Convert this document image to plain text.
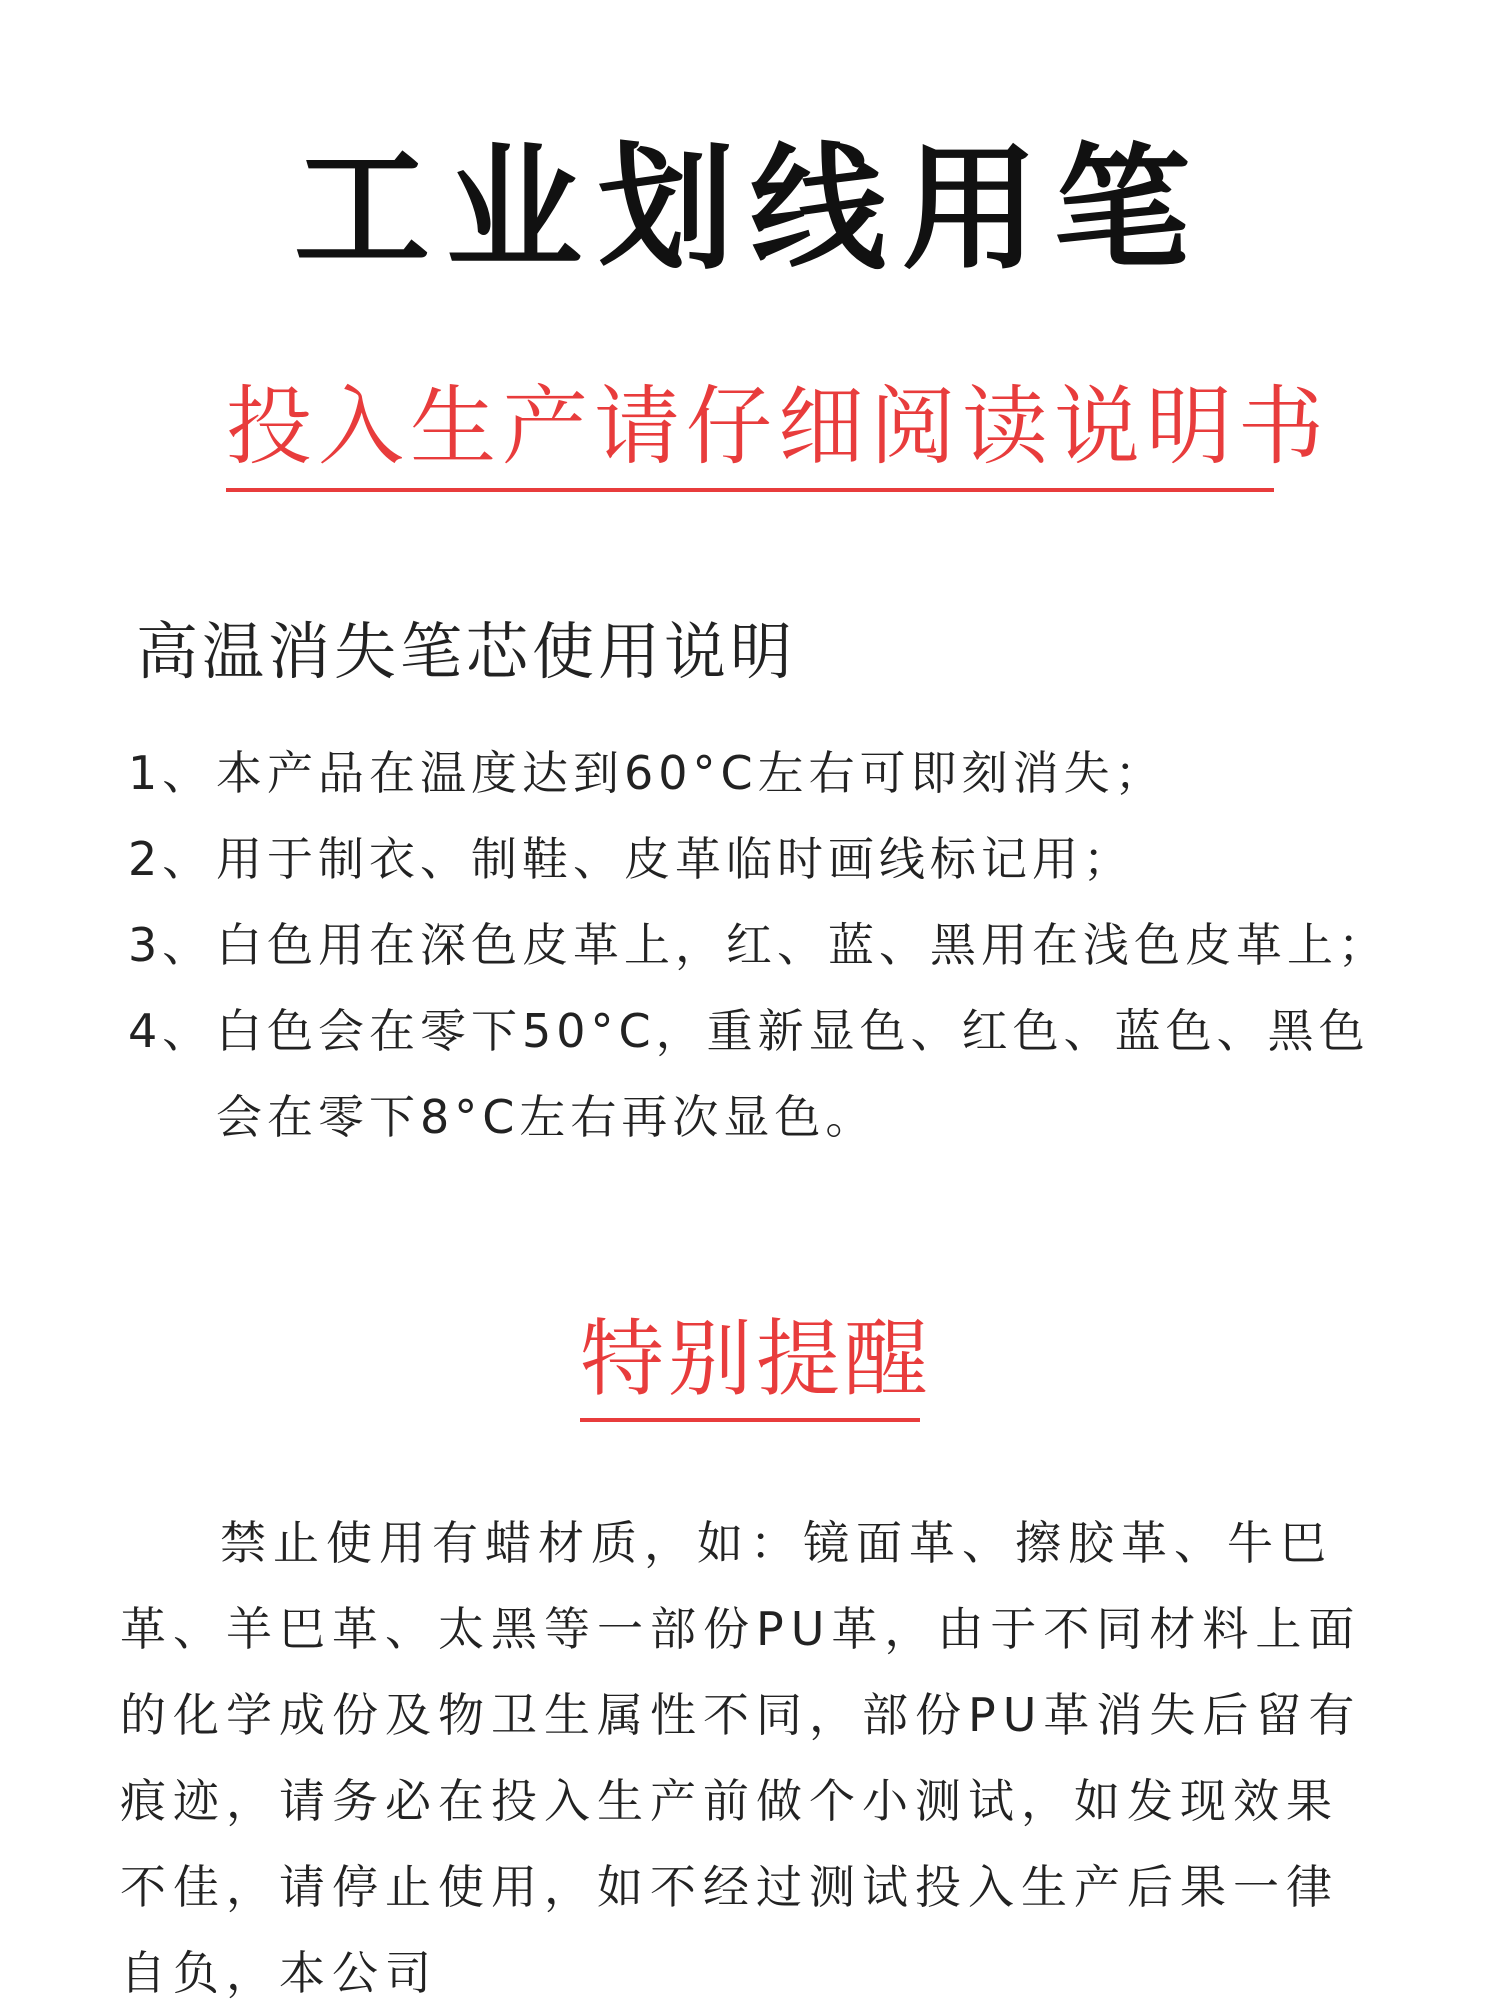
工业划线用笔
投入生产请仔细阅读说明书
高温消失笔芯使用说明
1、 本产品在温度达到60°C左右可即刻消失；
2、 用于制衣、制鞋、皮革临时画线标记用；
3、 白色用在深色皮革上，红、蓝、黑用在浅色皮革上；
4、 白色会在零下50°C，重新显色、红色、蓝色、黑色会在零下8°C左右再次显色。
特别提醒

禁止使用有蜡材质，如：镜面革、擦胶革、牛巴革、羊巴革、太黑等一部份PU革，由于不同材料上面的化学成份及物卫生属性不同，部份PU革消失后留有痕迹，请务必在投入生产前做个小测试，如发现效果不佳，请停止使用，如不经过测试投入生产后果一律自负，本公司
